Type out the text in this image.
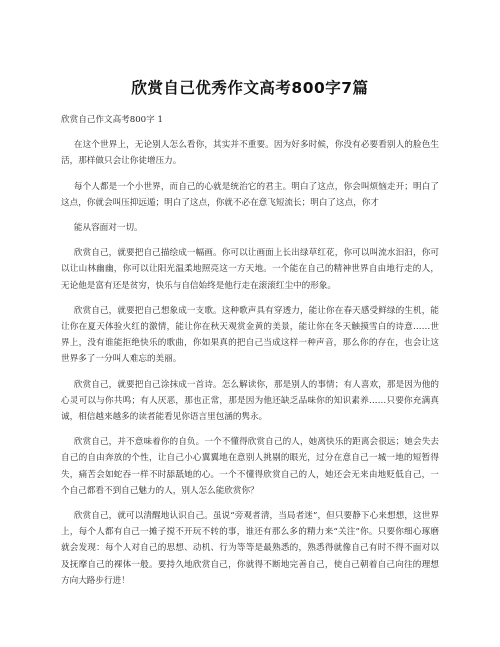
欣赏自己优秀作文高考800字7篇

欣赏自己作文高考800字 1

在这个世界上，无论别人怎么看你，其实并不重要。因为好多时候，你没有必要看别人的脸色生活，那样做只会让你徒增压力。

每个人都是一个小世界，而自己的心就是统治它的君主。明白了这点，你会叫烦恼走开；明白了这点，你就会叫压抑远遁；明白了这点，你就不必在意飞短流长；明白了这点，你才

能从容面对一切。

欣赏自己，就要把自己描绘成一幅画。你可以让画面上长出绿草红花，你可以叫流水汩汩，你可以让山林幽幽，你可以让阳光温柔地照亮这一方天地。一个能在自己的精神世界自由地行走的人，无论他是富有还是贫穷，快乐与自信始终是他行走在滚滚红尘中的形象。

欣赏自己，就要把自己想象成一支歌。这种歌声具有穿透力，能让你在春天感受鲜绿的生机，能让你在夏天体验火红的激情，能让你在秋天观赏金黄的美景，能让你在冬天触摸雪白的诗意……世界上，没有谁能拒绝快乐的歌曲，你如果真的把自己当成这样一种声音，那么你的存在，也会让这世界多了一分叫人难忘的美丽。

欣赏自己，就要把自己涂抹成一首诗。怎么解读你，那是别人的事情；有人喜欢，那是因为他的心灵可以与你共鸣；有人厌恶，那也正常，那是因为他还缺乏品味你的知识素养……只要你充满真诚，相信越来越多的读者能看见你语言里包涵的隽永。

欣赏自己，并不意味着你的自负。一个不懂得欣赏自己的人，她离快乐的距离会很远；她会失去自己的自由奔放的个性，让自己小心翼翼地在意别人挑剔的眼光，过分在意自己一城一地的短暂得失，痛苦会如蛇吞一样不时舔舐她的心。一个不懂得欣赏自己的人，她还会无来由地贬低自己，一个自己都看不到自己魅力的人，别人怎么能欣赏你？

欣赏自己，就可以清醒地认识自己。虽说“旁观者清，当局者迷”，但只要静下心来想想，这世界上，每个人都有自己一摊子搅不开玩不转的事，谁还有那么多的精力来“关注”你。只要你细心琢磨就会发现：每个人对自己的思想、动机、行为等等是最熟悉的，熟悉得就像自己有时不得不面对以及抚摩自己的裸体一般。要持久地欣赏自己，你就得不断地完善自己，使自己朝着自己向往的理想方向大路步行进！
